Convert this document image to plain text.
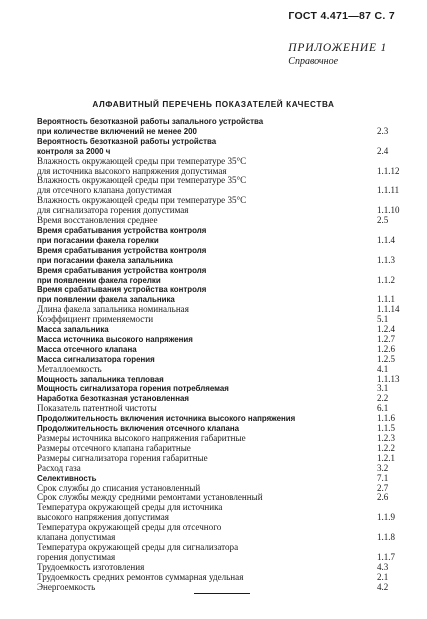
ГОСТ 4.471—87 С. 7
ПРИЛОЖЕНИЕ 1
Справочное
АЛФАВИТНЫЙ ПЕРЕЧЕНЬ ПОКАЗАТЕЛЕЙ КАЧЕСТВА
Вероятность безотказной работы запального устройства
при количестве включений не менее 200	2.3
Вероятность безотказной работы устройства
контроля за 2000 ч	2.4
Влажность окружающей среды при температуре 35°С
для источника высокого напряжения допустимая	1.1.12
Влажность окружающей среды при температуре 35°С
для отсечного клапана допустимая	1.1.11
Влажность окружающей среды при температуре 35°С
для сигнализатора горения допустимая	1.1.10
Время восстановления среднее	2.5
Время срабатывания устройства контроля
при погасании факела горелки	1.1.4
Время срабатывания устройства контроля
при погасании факела запальника	1.1.3
Время срабатывания устройства контроля
при появлении факела горелки	1.1.2
Время срабатывания устройства контроля
при появлении факела запальника	1.1.1
Длина факела запальника номинальная	1.1.14
Коэффициент применяемости	5.1
Масса запальника	1.2.4
Масса источника высокого напряжения	1.2.7
Масса отсечного клапана	1.2.6
Масса сигнализатора горения	1.2.5
Металлоемкость	4.1
Мощность запальника тепловая	1.1.13
Мощность сигнализатора горения потребляемая	3.1
Наработка безотказная установленная	2.2
Показатель патентной чистоты	6.1
Продолжительность включения источника высокого напряжения	1.1.6
Продолжительность включения отсечного клапана	1.1.5
Размеры источника высокого напряжения габаритные	1.2.3
Размеры отсечного клапана габаритные	1.2.2
Размеры сигнализатора горения габаритные	1.2.1
Расход газа	3.2
Селективность	7.1
Срок службы до списания установленный	2.7
Срок службы между средними ремонтами установленный	2.6
Температура окружающей среды для источника
высокого напряжения допустимая	1.1.9
Температура окружающей среды для отсечного
клапана допустимая	1.1.8
Температура окружающей среды для сигнализатора
горения допустимая	1.1.7
Трудоемкость изготовления	4.3
Трудоемкость средних ремонтов суммарная удельная	2.1
Энергоемкость	4.2
